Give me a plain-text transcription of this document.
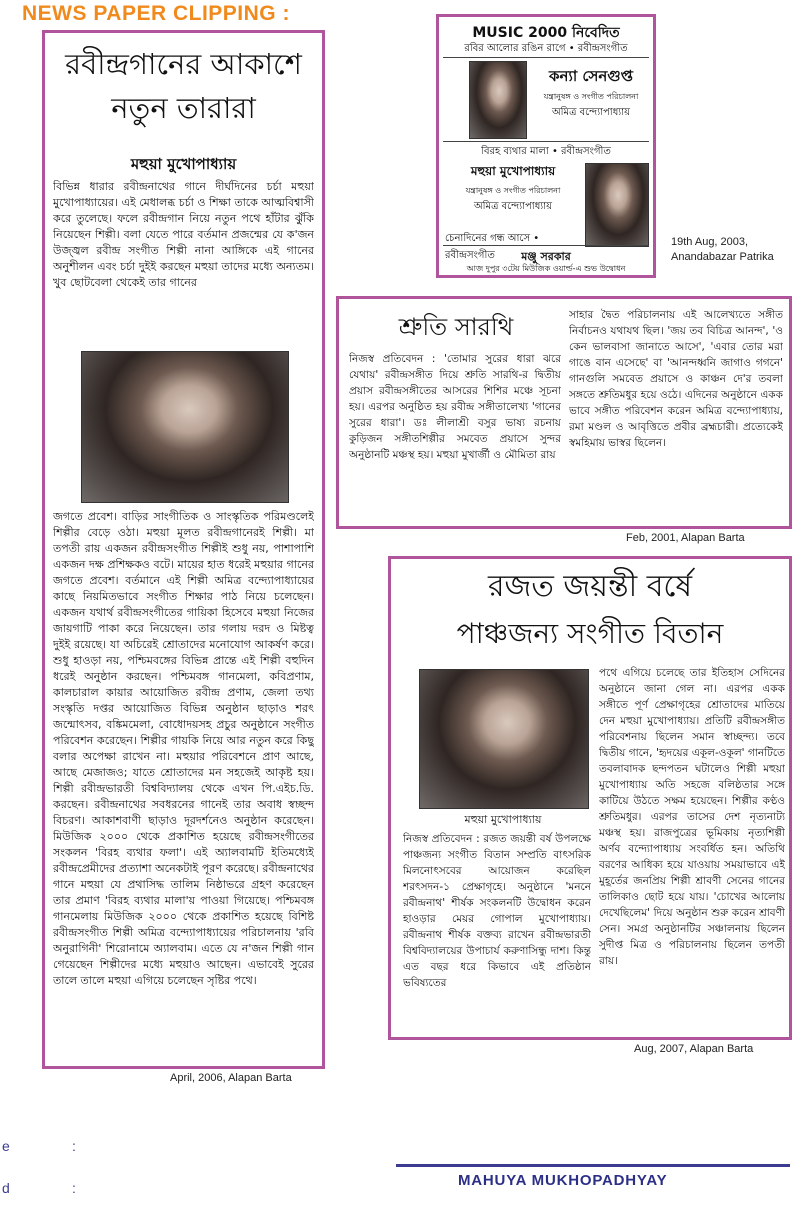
NEWS PAPER CLIPPING :
রবীন্দ্রগানের আকাশে
নতুন তারারা
মহুয়া মুখোপাধ্যায়
বিভিন্ন ধারার রবীন্দ্রনাথের গানে দীর্ঘদিনের চর্চা মহুয়া মুখোপাধ্যায়ের। এই মেধালব্ধ চর্চা ও শিক্ষা তাকে আত্মবিশ্বাসী করে তুলেছে। ফলে রবীন্দ্রগান নিয়ে নতুন পথে হাঁটার ঝুঁকি নিয়েছেন শিল্পী। বলা যেতে পারে বর্তমান প্রজন্মের যে ক'জন উজ্জ্বল রবীন্দ্র সংগীত শিল্পী নানা আঙ্গিকে এই গানের অনুশীলন এবং চর্চা দুইই করছেন মহুয়া তাদের মধ্যে অন্যতম। খুব ছোটবেলা থেকেই তার গানের
জগতে প্রবেশ। বাড়ির সাংগীতিক ও সাংস্কৃতিক পরিমণ্ডলেই শিল্পীর বেড়ে ওঠা। মহুয়া মূলত রবীন্দ্রগানেরই শিল্পী। মা তপতী রায় একজন রবীন্দ্রসংগীত শিল্পীই শুধু নয়, পাশাপাশি একজন দক্ষ প্রশিক্ষকও বটে। মায়ের হাত ধরেই মহুয়ার গানের জগতে প্রবেশ। বর্তমানে এই শিল্পী অমিত্র বন্দ্যোপাধ্যায়ের কাছে নিয়মিতভাবে সংগীত শিক্ষার পাঠ নিয়ে চলেছেন। একজন যথার্থ রবীন্দ্রসংগীতের গায়িকা হিসেবে মহুয়া নিজের জায়গাটি পাকা করে নিয়েছেন। তার গলায় দরদ ও মিষ্টত্ব দুইই রয়েছে। যা অচিরেই শ্রোতাদের মনোযোগ আকর্ষণ করে। শুধু হাওড়া নয়, পশ্চিমবঙ্গের বিভিন্ন প্রান্তে এই শিল্পী বহুদিন ধরেই অনুষ্ঠান করছেন। পশ্চিমবঙ্গ গানমেলা, কবিপ্রণাম, কালচারাল কায়ার আয়োজিত রবীন্দ্র প্রণাম, জেলা তথ্য সংস্কৃতি দপ্তর আয়োজিত বিভিন্ন অনুষ্ঠান ছাড়াও শরৎ জন্মোৎসব, বঙ্কিমমেলা, বোধোদয়সহ প্রচুর অনুষ্ঠানে সংগীত পরিবেশন করেছেন। শিল্পীর গায়কি নিয়ে আর নতুন করে কিছু বলার অপেক্ষা রাখেন না। মহুয়ার পরিবেশনে প্রাণ আছে, আছে মেজাজও; যাতে শ্রোতাদের মন সহজেই আকৃষ্ট হয়। শিল্পী রবীন্দ্রভারতী বিশ্ববিদ্যালয় থেকে এখন পি.এইচ.ডি. করছেন। রবীন্দ্রনাথের সবধরনের গানেই তার অবাধ স্বচ্ছন্দ বিচরণ। আকাশবাণী ছাড়াও দূরদর্শনেও অনুষ্ঠান করেছেন। মিউজিক ২০০০ থেকে প্রকাশিত হয়েছে রবীন্দ্রসংগীতের সংকলন 'বিরহ ব্যথার ফলা'। এই অ্যালবামটি ইতিমধ্যেই রবীন্দ্রপ্রেমীদের প্রত্যাশা অনেকটাই পূরণ করেছে। রবীন্দ্রনাথের গানে মহুয়া যে প্রথাসিদ্ধ তালিম নিষ্ঠাভরে গ্রহণ করেছেন তার প্রমাণ 'বিরহ ব্যথার মালা'য় পাওয়া গিয়েছে। পশ্চিমবঙ্গ গানমেলায় মিউজিক ২০০০ থেকে প্রকাশিত হয়েছে বিশিষ্ট রবীন্দ্রসংগীত শিল্পী অমিত্র বন্দ্যোপাধ্যায়ের পরিচালনায় 'রবি অনুরাগিনী' শিরোনামে অ্যালবাম। এতে যে ন'জন শিল্পী গান গেয়েছেন শিল্পীদের মধ্যে মহুয়াও আছেন। এভাবেই সুরের তালে তালে মহুয়া এগিয়ে চলেছেন সৃষ্টির পথে।
April, 2006, Alapan Barta
MUSIC 2000 নিবেদিত
রবির আলোর রঙিন রাগে • রবীন্দ্রসংগীত
কন্যা সেনগুপ্ত
যন্ত্রানুষঙ্গ ও সংগীত পরিচালনা
অমিত্র বন্দ্যোপাধ্যায়
বিরহ ব্যথার মালা • রবীন্দ্রসংগীত
মহুয়া মুখোপাধ্যায়
যন্ত্রানুষঙ্গ ও সংগীত পরিচালনা
অমিত্র বন্দ্যোপাধ্যায়
চেনাদিনের গন্ধ আসে • রবীন্দ্রসংগীত	মঞ্জু সরকার
আজ দুপুর ৩টেয় মিউজিক ওয়ার্ল্ড-এ শুভ উদ্বোধন
19th Aug, 2003,
Anandabazar Patrika
শ্রুতি সারথি
নিজস্ব প্রতিবেদন : 'তোমার সুরের ধারা ঝরে যেথায়' রবীন্দ্রসঙ্গীত দিয়ে শ্রুতি সারথি-র দ্বিতীয় প্রয়াস রবীন্দ্রসঙ্গীতের আসরের শিশির মঞ্চে সূচনা হয়। এরপর অনুষ্ঠিত হয় রবীন্দ্র সঙ্গীতালেখ্য 'গানের সুরের ধারা'। ডঃ লীলাশ্রী বসুর ভাষ্য রচনায় কুড়িজন সঙ্গীতশিল্পীর সমবেত প্রয়াসে সুন্দর অনুষ্ঠানটি মঞ্চস্থ হয়। মহুয়া মুখার্জী ও মৌমিতা রায়
সাহার দ্বৈত পরিচালনায় এই আলেখ্যতে সঙ্গীত নির্বাচনও যথাযথ ছিল। 'জয় তব বিচিত্র আনন্দ', 'ও কেন ভালবাসা জানাতে আসে', 'এবার তোর মরা গাঙে বান এসেছে' বা 'আনন্দধ্বনি জাগাও গগনে' গানগুলি সমবেত প্রয়াসে ও কাঞ্চন দে'র তবলা সঙ্গতে শ্রুতিমধুর হয়ে ওঠে। এদিনের অনুষ্ঠানে একক ভাবে সঙ্গীত পরিবেশন করেন অমিত্র বন্দ্যোপাধ্যায়, রমা মণ্ডল ও আবৃত্তিতে প্রবীর ব্রহ্মচারী। প্রত্যেকেই স্বমহিমায় ভাস্বর ছিলেন।
Feb, 2001, Alapan Barta
রজত জয়ন্তী বর্ষে
পাঞ্চজন্য সংগীত বিতান
মহুয়া মুখোপাধ্যায়
নিজস্ব প্রতিবেদন : রজত জয়ন্তী বর্ষ উপলক্ষে পাঞ্চজন্য সংগীত বিতান সম্প্রতি বাৎসরিক মিলনোৎসবের আয়োজন করেছিল শরৎসদন-১ প্রেক্ষাগৃহে। অনুষ্ঠানে 'মননে রবীন্দ্রনাথ' শীর্ষক সংকলনটি উদ্বোধন করেন হাওড়ার মেয়র গোপাল মুখোপাধ্যায়। রবীন্দ্রনাথ শীর্ষক বক্তব্য রাখেন রবীন্দ্রভারতী বিশ্ববিদ্যালয়ের উপাচার্য করুণাসিন্ধু দাশ। কিন্তু এত বছর ধরে কিভাবে এই প্রতিষ্ঠান ভবিষ্যতের
পথে এগিয়ে চলেছে তার ইতিহাস সেদিনের অনুষ্ঠানে জানা গেল না। এরপর একক সঙ্গীতে পূর্ণ প্রেক্ষাগৃহের শ্রোতাদের মাতিয়ে দেন মহুয়া মুখোপাধ্যায়। প্রতিটি রবীন্দ্রসঙ্গীত পরিবেশনায় ছিলেন সমান স্বাচ্ছন্দ্য। তবে দ্বিতীয় গানে, 'হৃদয়ের একূল-ওকূল' গানটিতে তবলাবাদক ছন্দপতন ঘটালেও শিল্পী মহুয়া মুখোপাধ্যায় অতি সহজে বলিষ্ঠতার সঙ্গে কাটিয়ে উঠতে সক্ষম হয়েছেন। শিল্পীর কণ্ঠও শ্রুতিমধুর। এরপর তাসের দেশ নৃত্যনাট্য মঞ্চস্থ হয়। রাজপুত্রের ভূমিকায় নৃত্যশিল্পী অর্ণব বন্দ্যোপাধ্যায় সংবর্ধিত হন। অতিথি বরণের আধিক্য হয়ে যাওয়ায় সময়াভাবে এই মুহূর্তের জনপ্রিয় শিল্পী শ্রাবণী সেনের গানের তালিকাও ছোট হয়ে যায়। 'চোখের আলোয় দেখেছিলেম' দিয়ে অনুষ্ঠান শুরু করেন শ্রাবণী সেন। সমগ্র অনুষ্ঠানটির সঞ্চালনায় ছিলেন সুদীপ্ত মিত্র ও পরিচালনায় ছিলেন তপতী রায়।
Aug, 2007, Alapan Barta
e	:
d	:	MAHUYA MUKHOPADHYAY
